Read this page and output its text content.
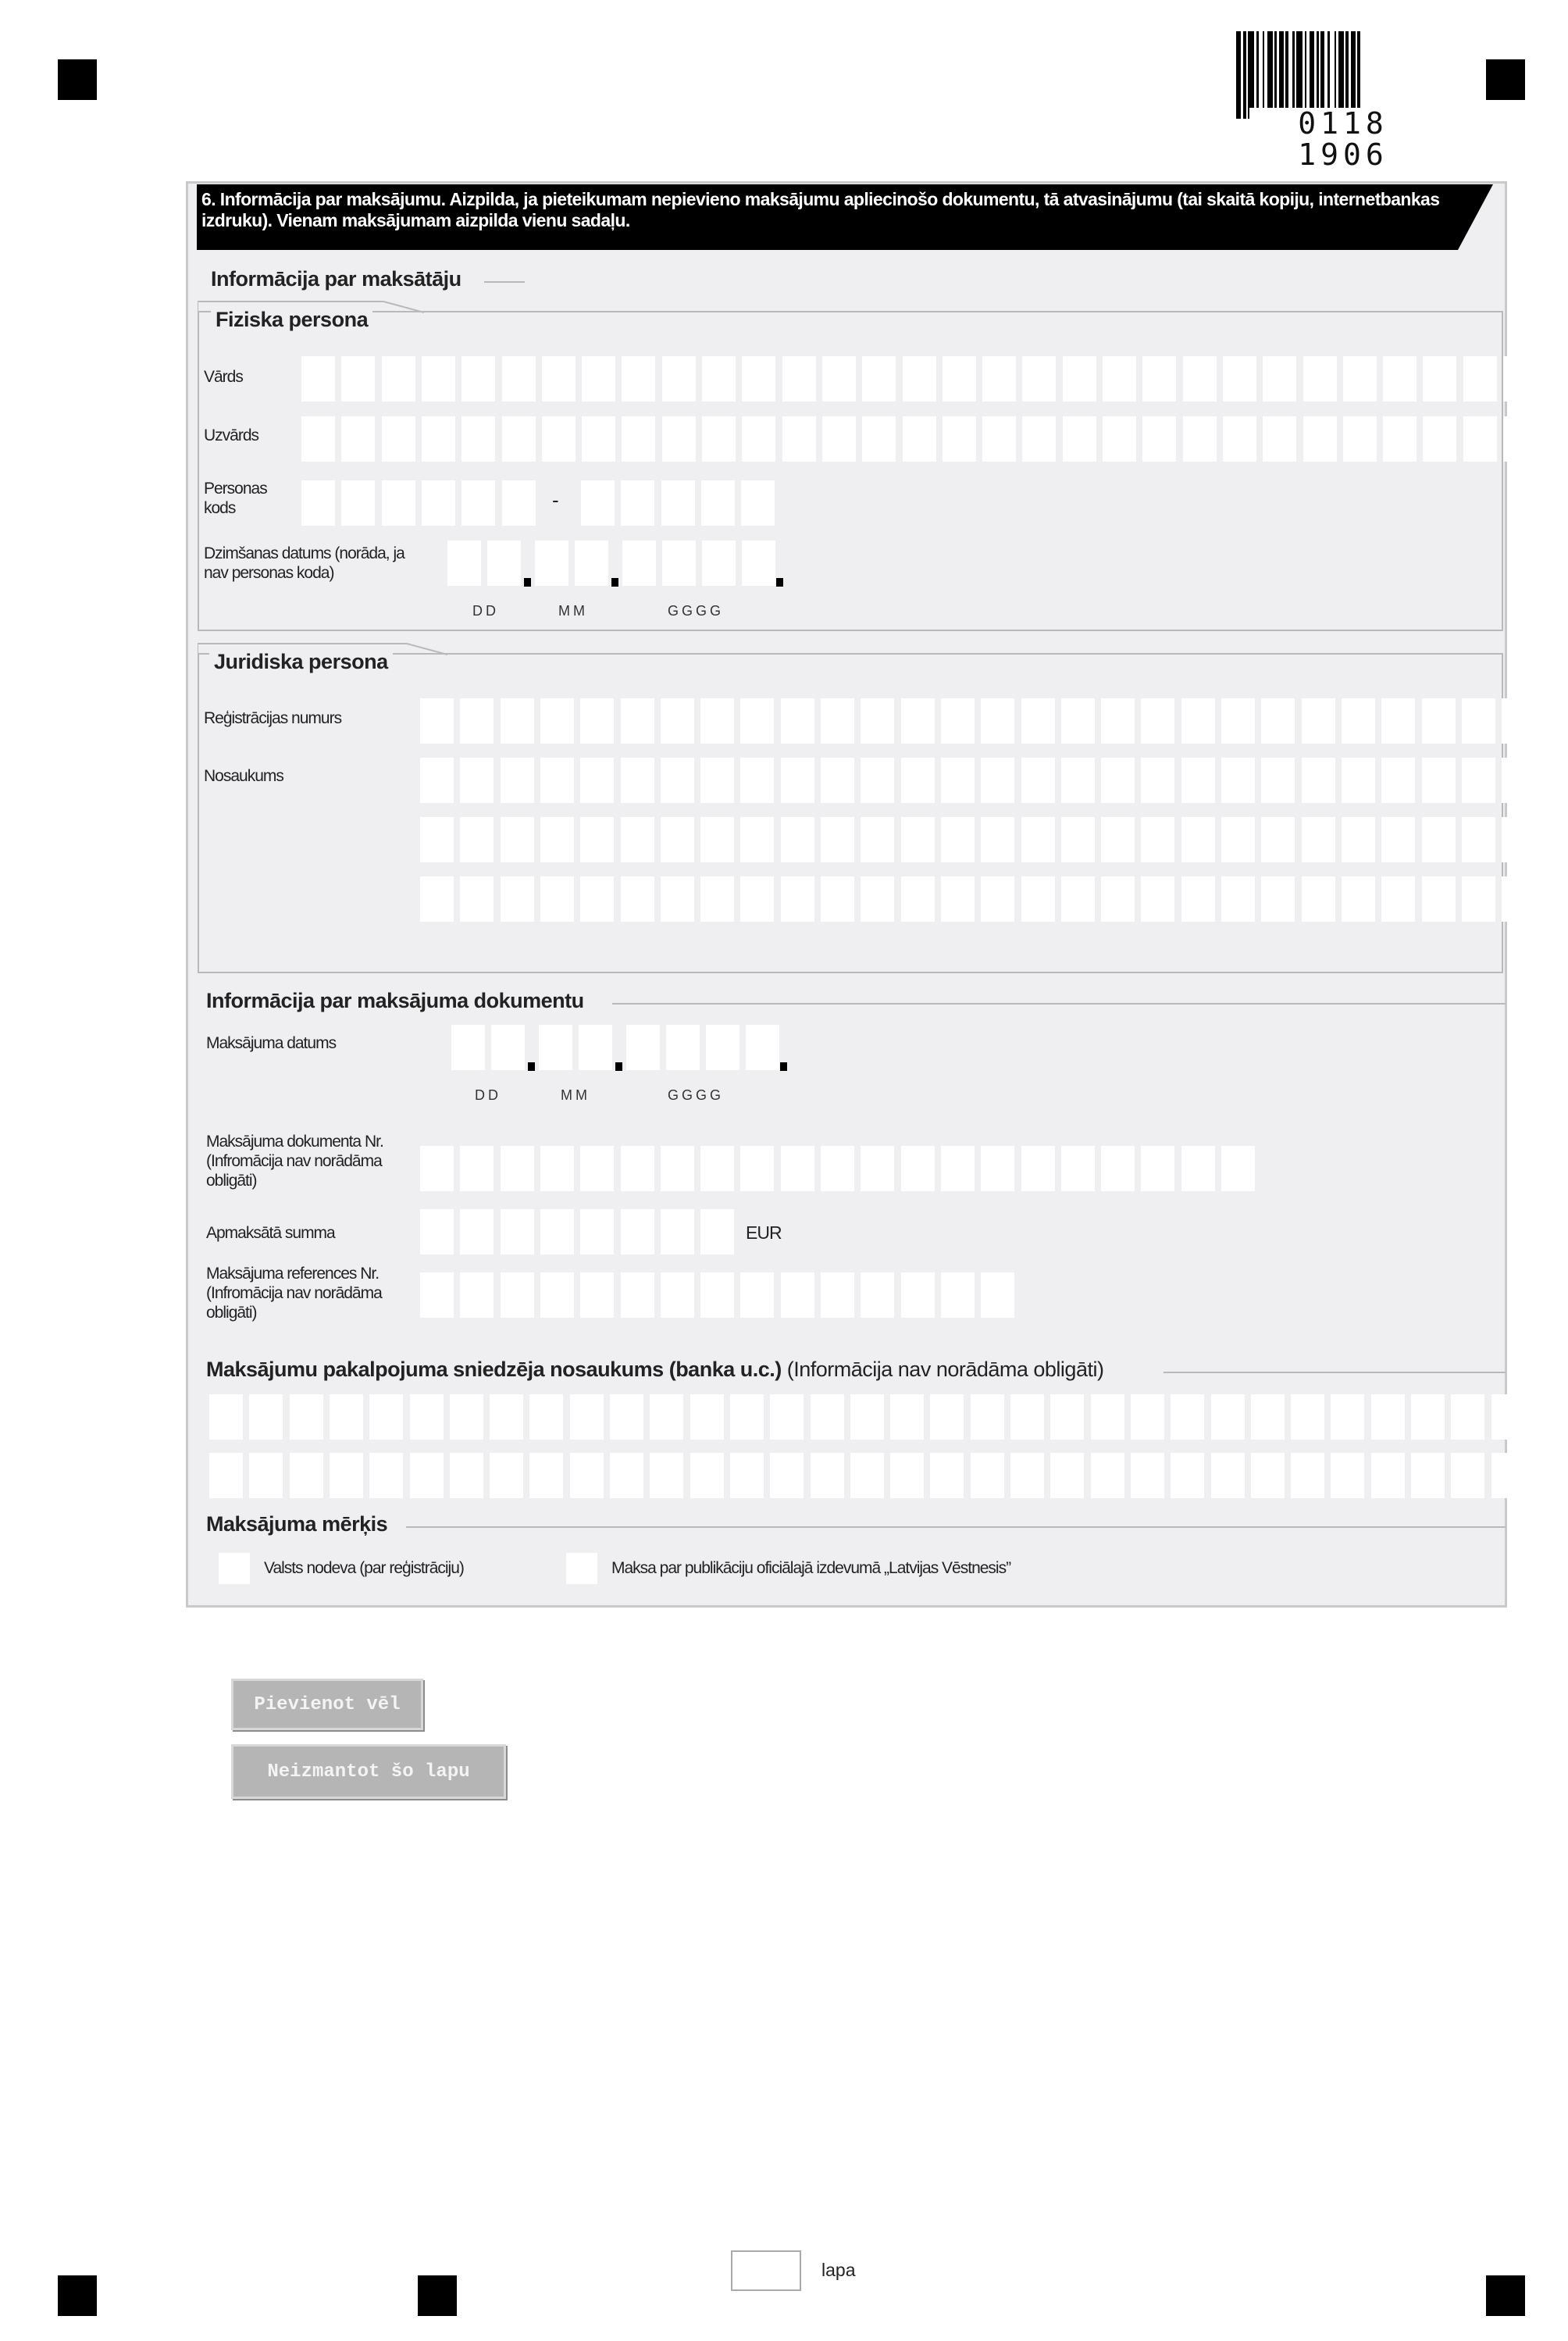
0118 1906
6. Informācija par maksājumu. Aizpilda, ja pieteikumam nepievieno maksājumu apliecinošo dokumentu, tā atvasinājumu (tai skaitā kopiju, internetbankas izdruku). Vienam maksājumam aizpilda vienu sadaļu.
Informācija par maksātāju
Fiziska persona
Vārds
Uzvārds
Personas kods	-
Dzimšanas datums (norāda, ja nav personas koda)
DD	MM	GGGG
Juridiska persona
Reģistrācijas numurs
Nosaukums
Informācija par maksājuma dokumentu
Maksājuma datums
DD	MM	GGGG
Maksājuma dokumenta Nr. (Infromācija nav norādāma obligāti)
Apmaksātā summa	EUR
Maksājuma references Nr. (Infromācija nav norādāma obligāti)
Maksājumu pakalpojuma sniedzēja nosaukums (banka u.c.) (Informācija nav norādāma obligāti)
Maksājuma mērķis
Valsts nodeva (par reģistrāciju)	Maksa par publikāciju oficiālajā izdevumā „Latvijas Vēstnesis”
Pievienot vēl
Neizmantot šo lapu
lapa
